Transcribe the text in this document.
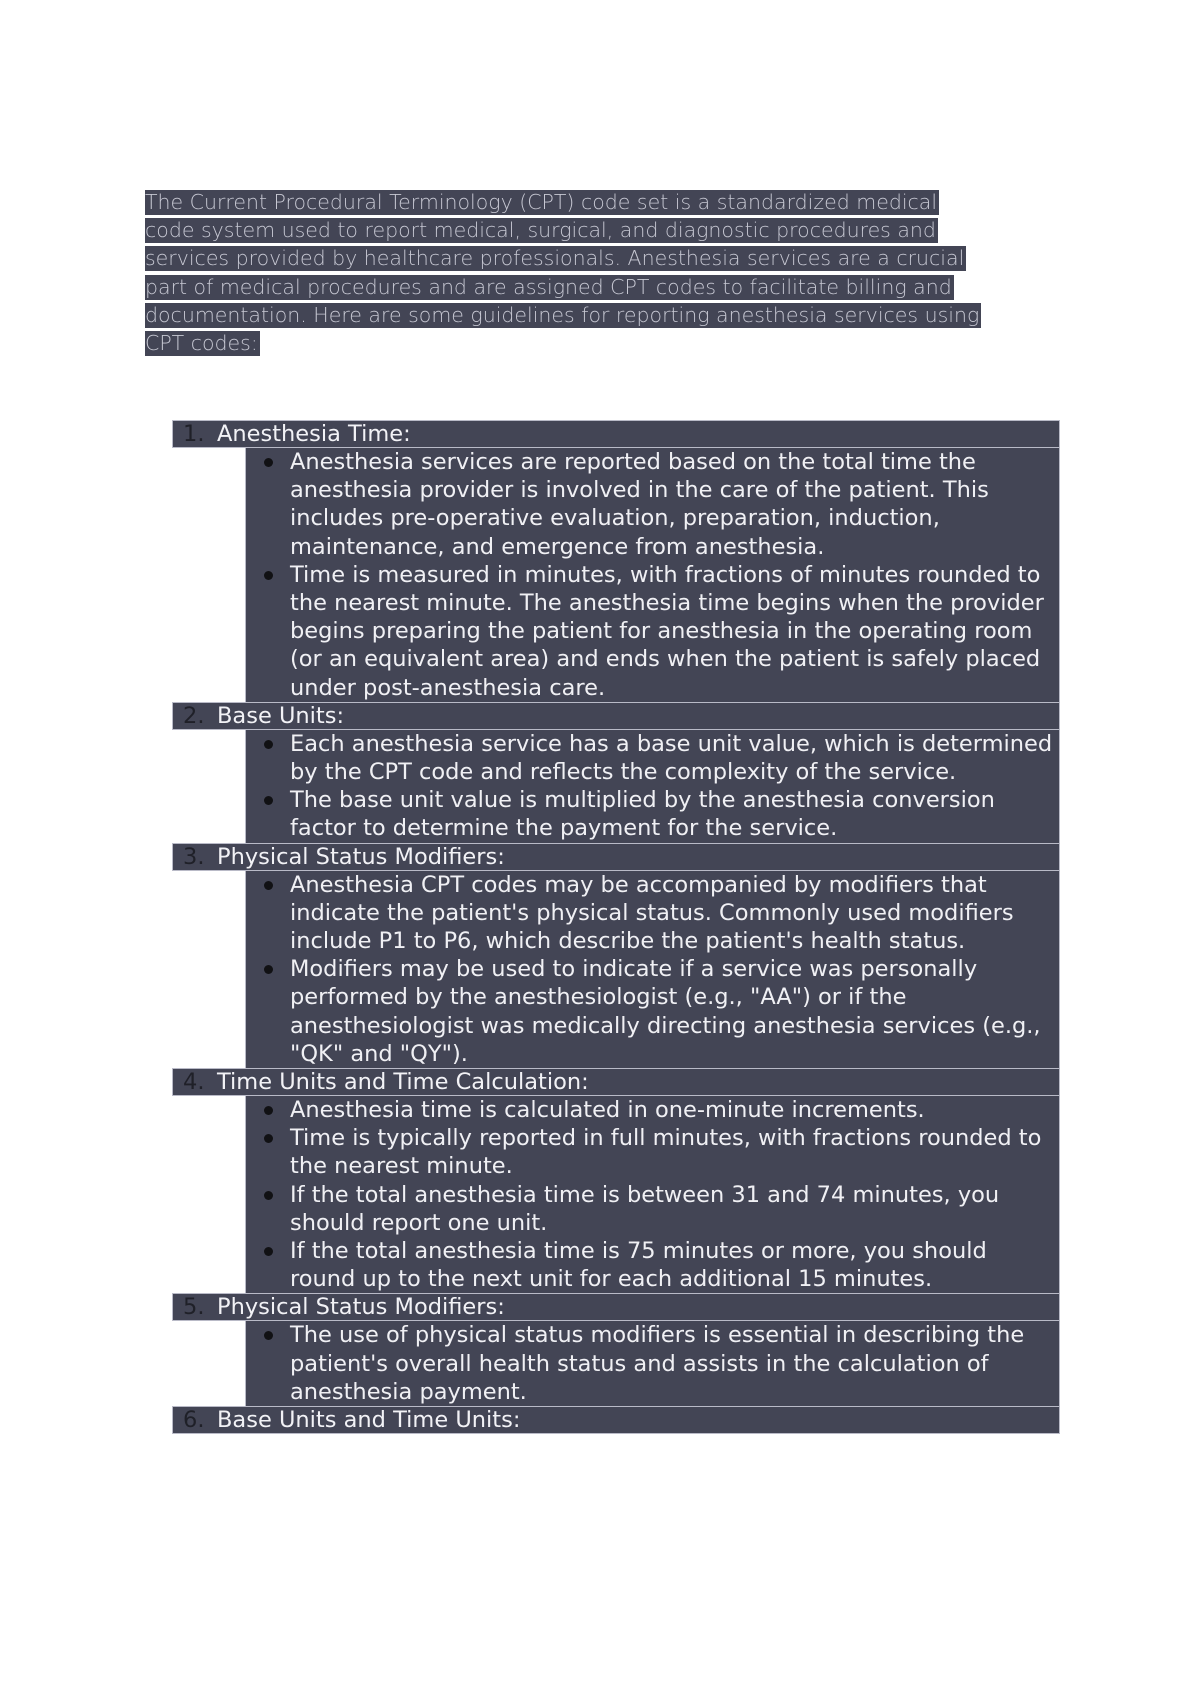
The Current Procedural Terminology (CPT) code set is a standardized medical
code system used to report medical, surgical, and diagnostic procedures and
services provided by healthcare professionals. Anesthesia services are a crucial
part of medical procedures and are assigned CPT codes to facilitate billing and
documentation. Here are some guidelines for reporting anesthesia services using
CPT codes:

1. Anesthesia Time:
Anesthesia services are reported based on the total time the anesthesia provider is involved in the care of the patient. This includes pre-operative evaluation, preparation, induction, maintenance, and emergence from anesthesia.
Time is measured in minutes, with fractions of minutes rounded to the nearest minute. The anesthesia time begins when the provider begins preparing the patient for anesthesia in the operating room (or an equivalent area) and ends when the patient is safely placed under post-anesthesia care.
2. Base Units:
Each anesthesia service has a base unit value, which is determined by the CPT code and reflects the complexity of the service.
The base unit value is multiplied by the anesthesia conversion factor to determine the payment for the service.
3. Physical Status Modifiers:
Anesthesia CPT codes may be accompanied by modifiers that indicate the patient's physical status. Commonly used modifiers include P1 to P6, which describe the patient's health status.
Modifiers may be used to indicate if a service was personally performed by the anesthesiologist (e.g., "AA") or if the anesthesiologist was medically directing anesthesia services (e.g., "QK" and "QY").
4. Time Units and Time Calculation:
Anesthesia time is calculated in one-minute increments.
Time is typically reported in full minutes, with fractions rounded to the nearest minute.
If the total anesthesia time is between 31 and 74 minutes, you should report one unit.
If the total anesthesia time is 75 minutes or more, you should round up to the next unit for each additional 15 minutes.
5. Physical Status Modifiers:
The use of physical status modifiers is essential in describing the patient's overall health status and assists in the calculation of anesthesia payment.
6. Base Units and Time Units:
